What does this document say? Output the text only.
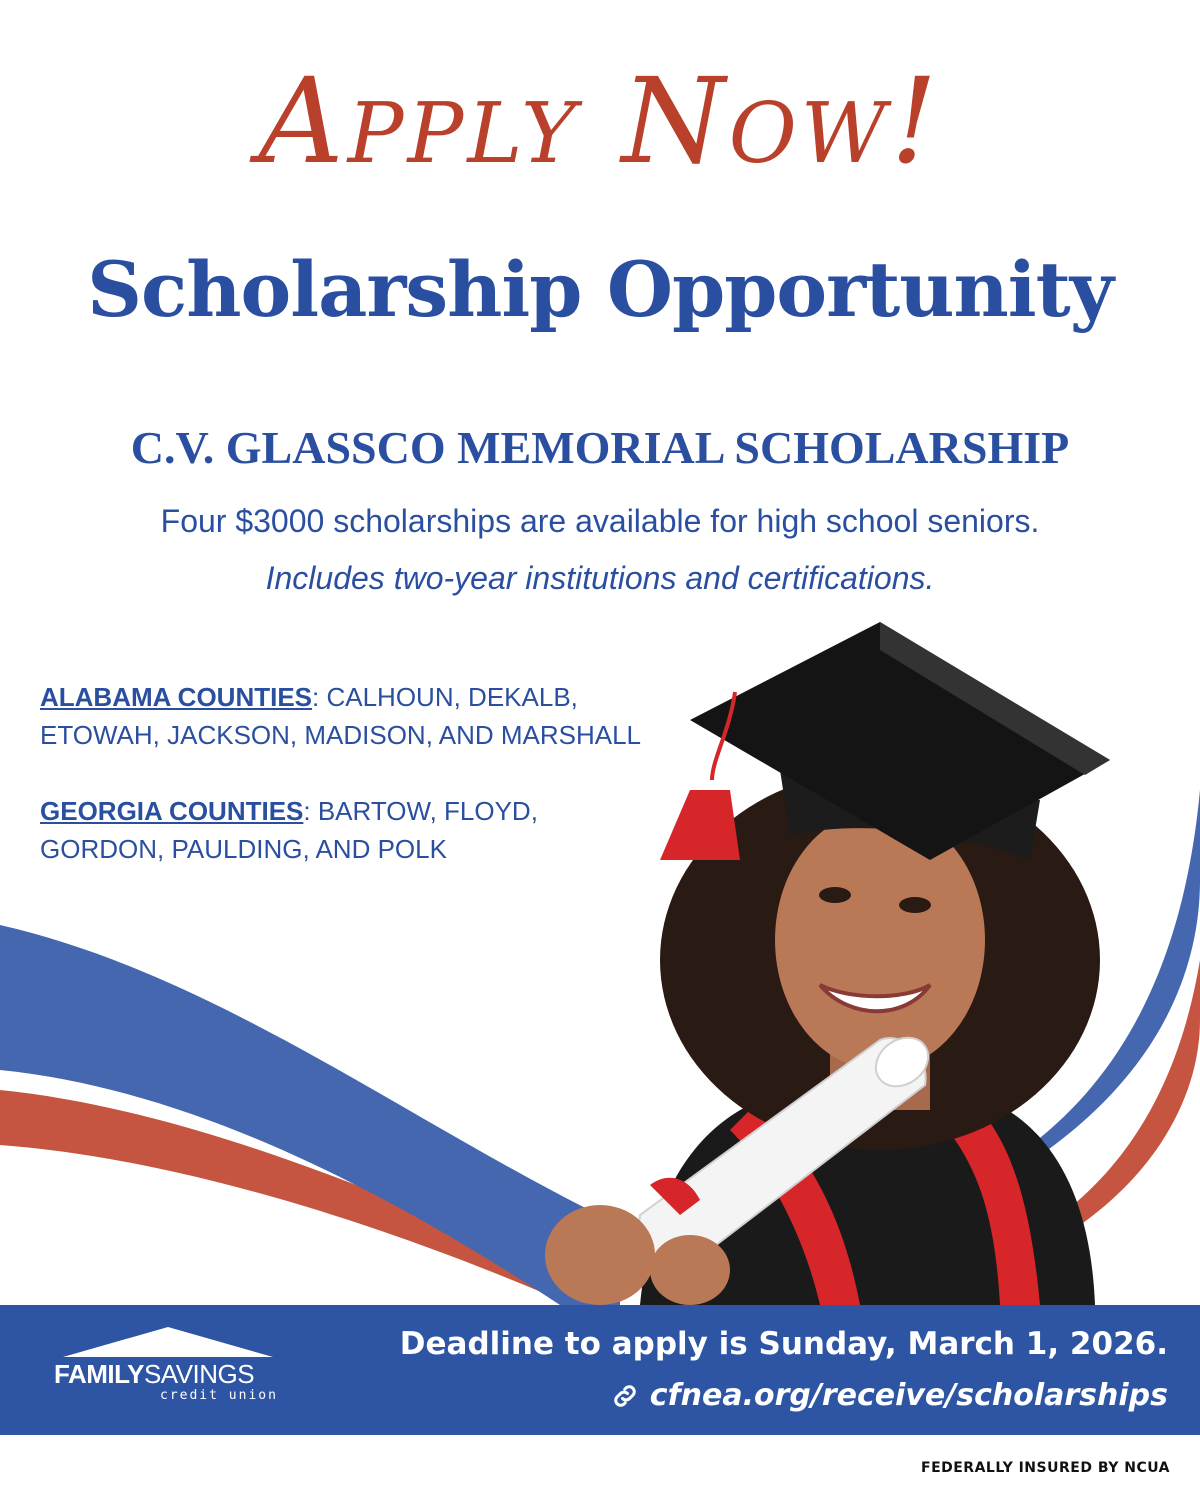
Apply Now!
Scholarship Opportunity
C.V. GLASSCO MEMORIAL SCHOLARSHIP
Four $3000 scholarships are available for high school seniors.
Includes two-year institutions and certifications.
ALABAMA COUNTIES: CALHOUN, DEKALB,
ETOWAH, JACKSON, MADISON, AND MARSHALL
GEORGIA COUNTIES: BARTOW, FLOYD,
GORDON, PAULDING, AND POLK
FAMILYSAVINGS
credit union
Deadline to apply is Sunday, March 1, 2026.
cfnea.org/receive/scholarships
FEDERALLY INSURED BY NCUA
